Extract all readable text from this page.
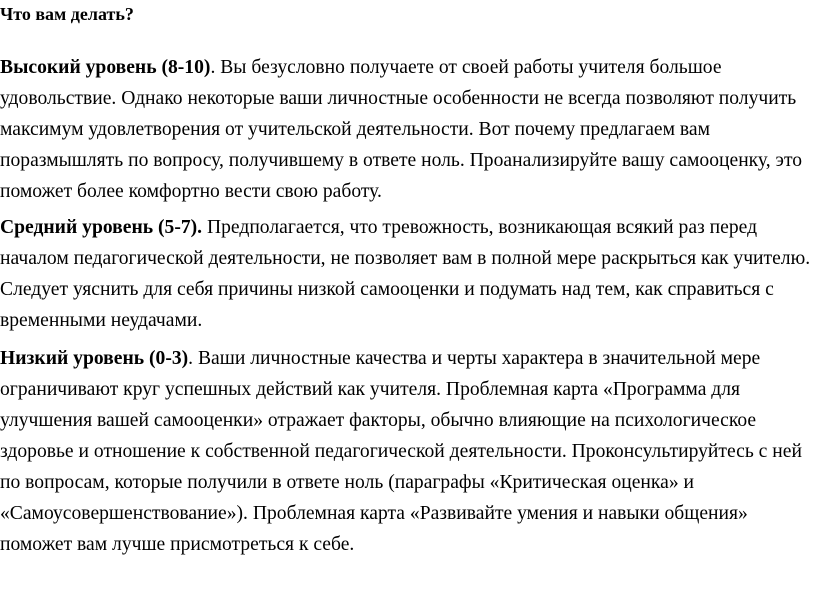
Что вам делать?

Высокий уровень (8-10). Вы безусловно получаете от своей работы учителя большое удовольствие. Однако некоторые ваши личностные особенности не всегда позволяют получить максимум удовлетворения от учительской деятельности. Вот почему предлагаем вам поразмышлять по вопросу, получившему в ответе ноль. Проанализируйте вашу самооценку, это поможет более комфортно вести свою работу.

Средний уровень (5-7). Предполагается, что тревожность, возникающая всякий раз перед началом педагогической деятельности, не позволяет вам в полной мере раскрыться как учителю. Следует уяснить для себя причины низкой самооценки и подумать над тем, как справиться с временными неудачами.

Низкий уровень (0-3). Ваши личностные качества и черты характера в значительной мере ограничивают круг успешных действий как учителя. Проблемная карта «Программа для улучшения вашей самооценки» отражает факторы, обычно влияющие на психологическое здоровье и отношение к собственной педагогической деятельности. Проконсультируйтесь с ней по вопросам, которые получили в ответе ноль (параграфы «Критическая оценка» и «Самоусовершенствование»). Проблемная карта «Развивайте умения и навыки общения» поможет вам лучше присмотреться к себе.
